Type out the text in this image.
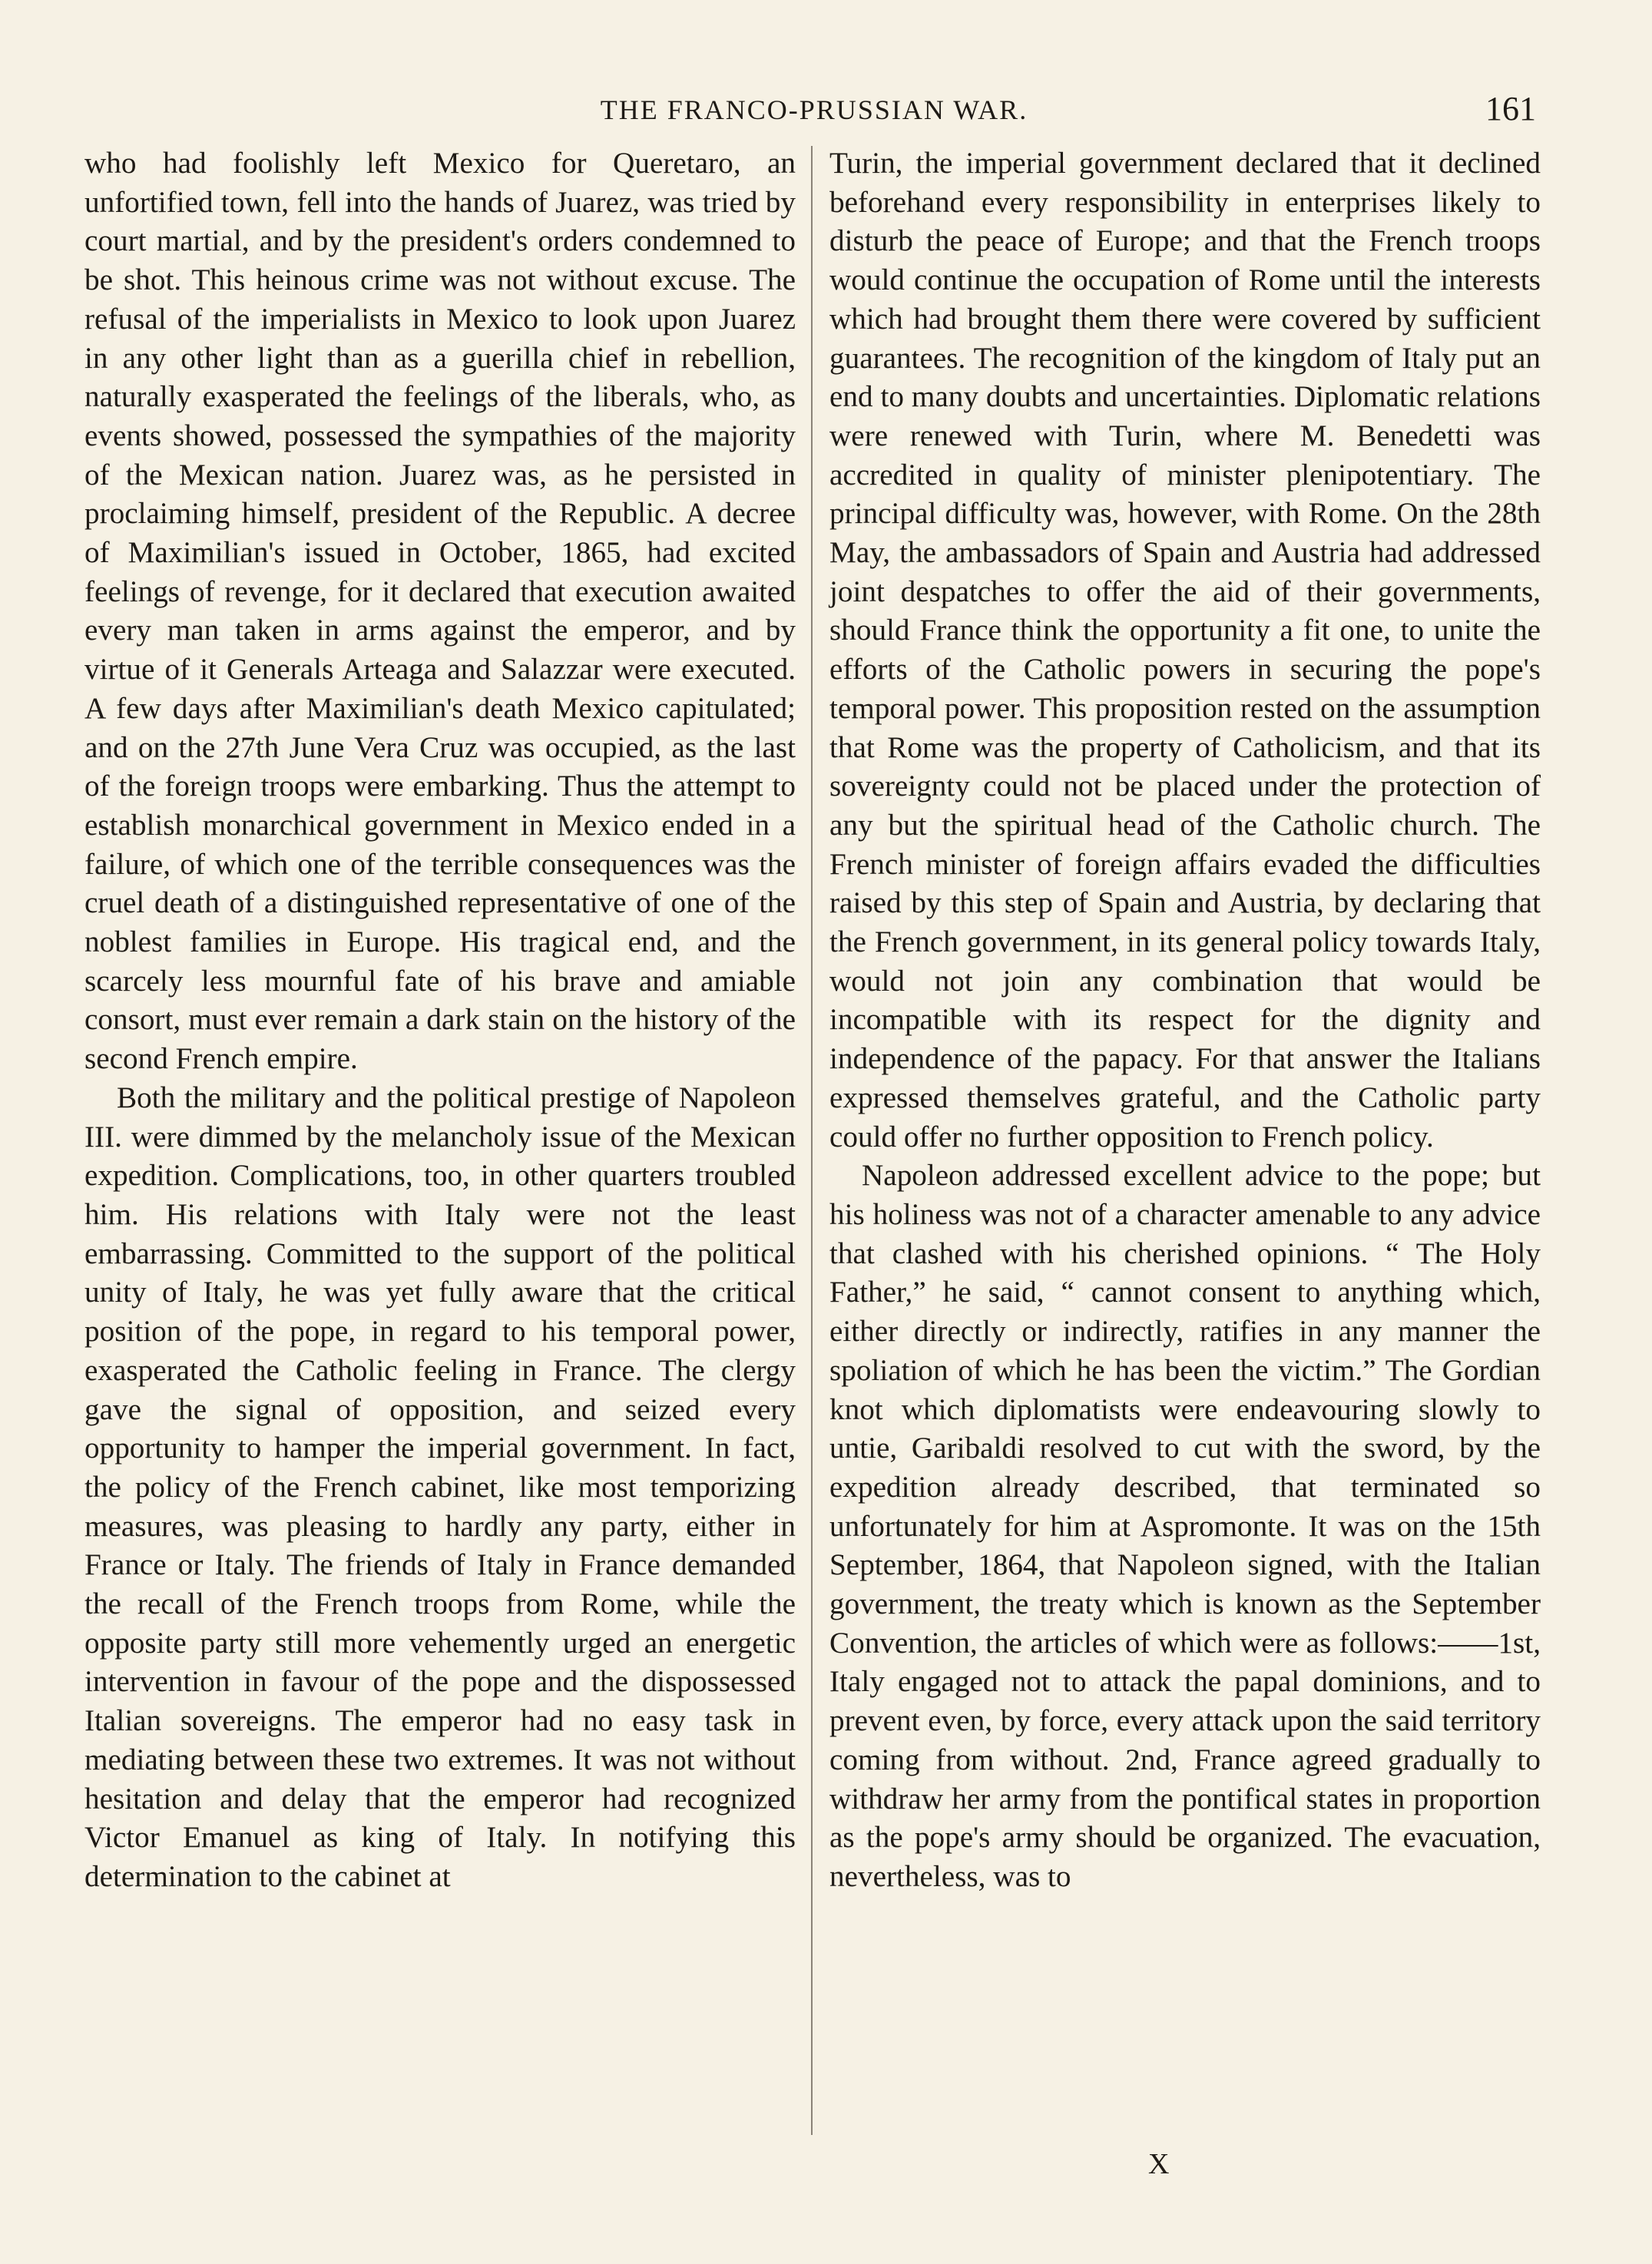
THE FRANCO-PRUSSIAN WAR.	161

who had foolishly left Mexico for Queretaro, an unfortified town, fell into the hands of Juarez, was tried by court martial, and by the president's orders condemned to be shot. This heinous crime was not without excuse. The refusal of the imperialists in Mexico to look upon Juarez in any other light than as a guerilla chief in rebellion, naturally exasperated the feelings of the liberals, who, as events showed, possessed the sympathies of the majority of the Mexican nation. Juarez was, as he persisted in proclaiming himself, president of the Republic. A decree of Maximilian's issued in October, 1865, had excited feelings of revenge, for it declared that execution awaited every man taken in arms against the emperor, and by virtue of it Generals Arteaga and Salazzar were executed. A few days after Maximilian's death Mexico capitulated; and on the 27th June Vera Cruz was occupied, as the last of the foreign troops were embarking. Thus the attempt to establish monarchical government in Mexico ended in a failure, of which one of the terrible consequences was the cruel death of a distinguished representative of one of the noblest families in Europe. His tragical end, and the scarcely less mournful fate of his brave and amiable consort, must ever remain a dark stain on the history of the second French empire.

Both the military and the political prestige of Napoleon III. were dimmed by the melancholy issue of the Mexican expedition. Complications, too, in other quarters troubled him. His relations with Italy were not the least embarrassing. Committed to the support of the political unity of Italy, he was yet fully aware that the critical position of the pope, in regard to his temporal power, exasperated the Catholic feeling in France. The clergy gave the signal of opposition, and seized every opportunity to hamper the imperial government. In fact, the policy of the French cabinet, like most temporizing measures, was pleasing to hardly any party, either in France or Italy. The friends of Italy in France demanded the recall of the French troops from Rome, while the opposite party still more vehemently urged an energetic intervention in favour of the pope and the dispossessed Italian sovereigns. The emperor had no easy task in mediating between these two extremes. It was not without hesitation and delay that the emperor had recognized Victor Emanuel as king of Italy. In notifying this determination to the cabinet at

Turin, the imperial government declared that it declined beforehand every responsibility in enterprises likely to disturb the peace of Europe; and that the French troops would continue the occupation of Rome until the interests which had brought them there were covered by sufficient guarantees. The recognition of the kingdom of Italy put an end to many doubts and uncertainties. Diplomatic relations were renewed with Turin, where M. Benedetti was accredited in quality of minister plenipotentiary. The principal difficulty was, however, with Rome. On the 28th May, the ambassadors of Spain and Austria had addressed joint despatches to offer the aid of their governments, should France think the opportunity a fit one, to unite the efforts of the Catholic powers in securing the pope's temporal power. This proposition rested on the assumption that Rome was the property of Catholicism, and that its sovereignty could not be placed under the protection of any but the spiritual head of the Catholic church. The French minister of foreign affairs evaded the difficulties raised by this step of Spain and Austria, by declaring that the French government, in its general policy towards Italy, would not join any combination that would be incompatible with its respect for the dignity and independence of the papacy. For that answer the Italians expressed themselves grateful, and the Catholic party could offer no further opposition to French policy.

Napoleon addressed excellent advice to the pope; but his holiness was not of a character amenable to any advice that clashed with his cherished opinions. “ The Holy Father,” he said, “ cannot consent to anything which, either directly or indirectly, ratifies in any manner the spoliation of which he has been the victim.” The Gordian knot which diplomatists were endeavouring slowly to untie, Garibaldi resolved to cut with the sword, by the expedition already described, that terminated so unfortunately for him at Aspromonte. It was on the 15th September, 1864, that Napoleon signed, with the Italian government, the treaty which is known as the September Convention, the articles of which were as follows:——1st, Italy engaged not to attack the papal dominions, and to prevent even, by force, every attack upon the said territory coming from without. 2nd, France agreed gradually to withdraw her army from the pontifical states in proportion as the pope's army should be organized. The evacuation, nevertheless, was to

X
